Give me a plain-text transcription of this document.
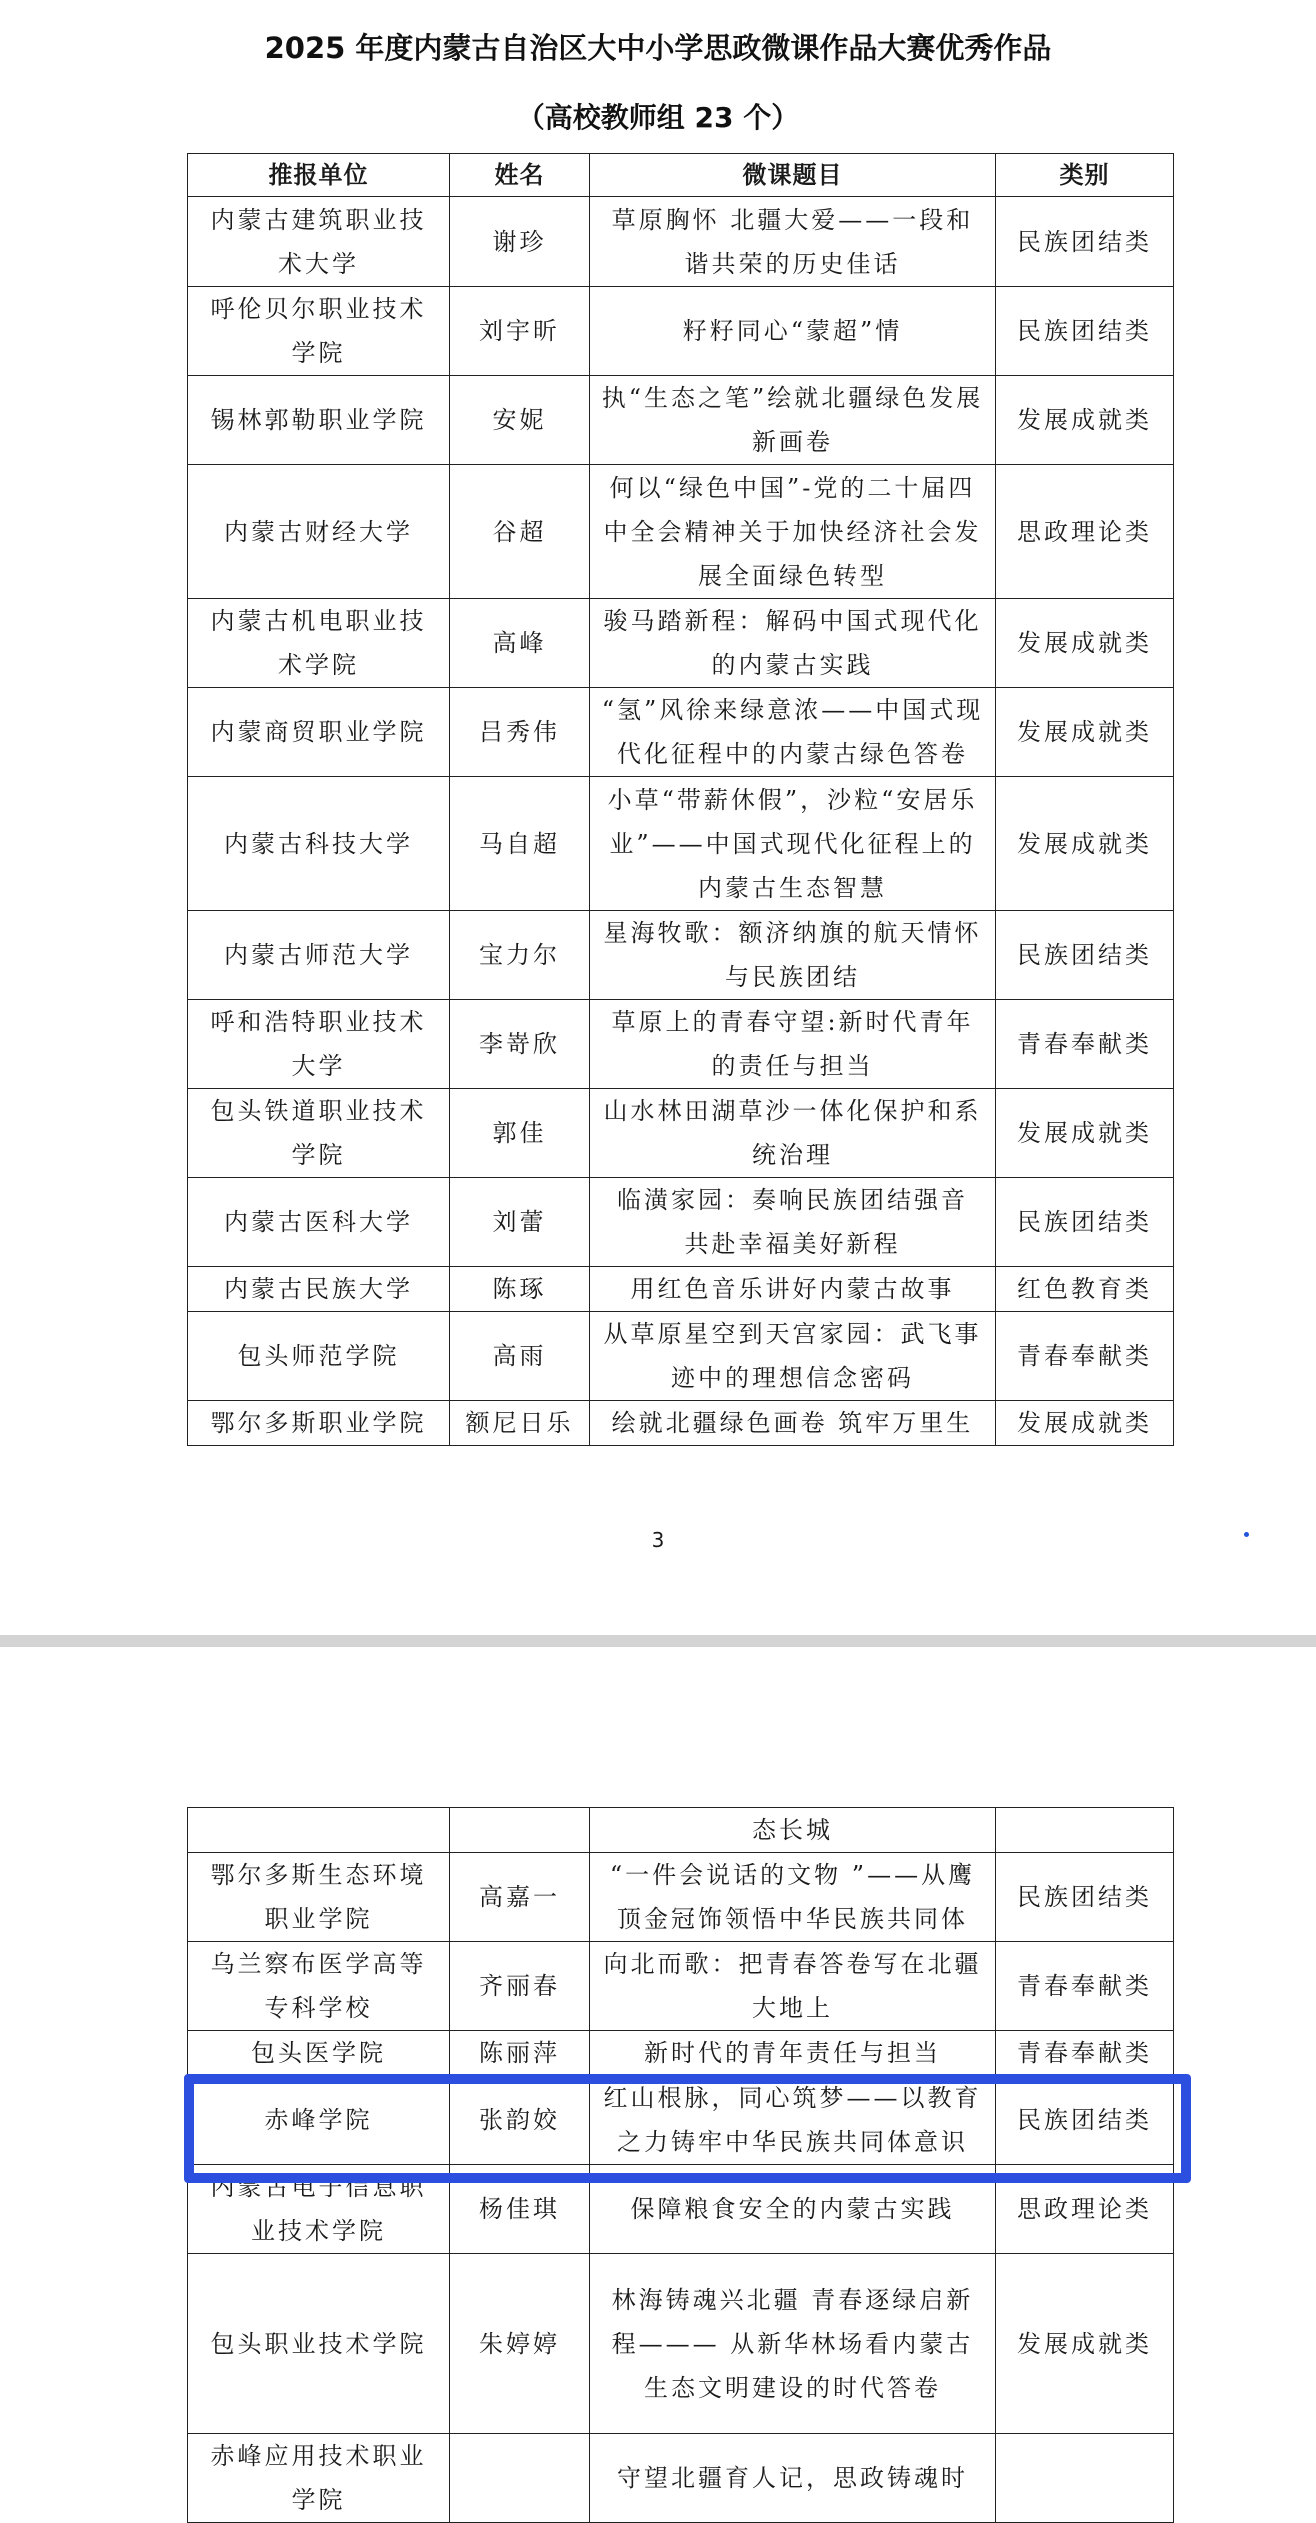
2025 年度内蒙古自治区大中小学思政微课作品大赛优秀作品
（高校教师组 23 个）
推报单位	姓名	微课题目	类别
内蒙古建筑职业技术大学	谢珍	草原胸怀 北疆大爱——一段和谐共荣的历史佳话	民族团结类
呼伦贝尔职业技术学院	刘宇昕	籽籽同心“蒙超”情	民族团结类
锡林郭勒职业学院	安妮	执“生态之笔”绘就北疆绿色发展新画卷	发展成就类
内蒙古财经大学	谷超	何以“绿色中国”-党的二十届四中全会精神关于加快经济社会发展全面绿色转型	思政理论类
内蒙古机电职业技术学院	高峰	骏马踏新程：解码中国式现代化的内蒙古实践	发展成就类
内蒙商贸职业学院	吕秀伟	“氢”风徐来绿意浓——中国式现代化征程中的内蒙古绿色答卷	发展成就类
内蒙古科技大学	马自超	小草“带薪休假”，沙粒“安居乐业”——中国式现代化征程上的内蒙古生态智慧	发展成就类
内蒙古师范大学	宝力尔	星海牧歌：额济纳旗的航天情怀与民族团结	民族团结类
呼和浩特职业技术大学	李嵜欣	草原上的青春守望:新时代青年的责任与担当	青春奉献类
包头铁道职业技术学院	郭佳	山水林田湖草沙一体化保护和系统治理	发展成就类
内蒙古医科大学	刘蕾	临潢家园：奏响民族团结强音 共赴幸福美好新程	民族团结类
内蒙古民族大学	陈琢	用红色音乐讲好内蒙古故事	红色教育类
包头师范学院	高雨	从草原星空到天宫家园：武飞事迹中的理想信念密码	青春奉献类
鄂尔多斯职业学院	额尼日乐	绘就北疆绿色画卷 筑牢万里生	发展成就类
3
		态长城	
鄂尔多斯生态环境职业学院	高嘉一	“一件会说话的文物 ”——从鹰顶金冠饰领悟中华民族共同体	民族团结类
乌兰察布医学高等专科学校	齐丽春	向北而歌：把青春答卷写在北疆大地上	青春奉献类
包头医学院	陈丽萍	新时代的青年责任与担当	青春奉献类
赤峰学院	张韵姣	红山根脉，同心筑梦——以教育之力铸牢中华民族共同体意识	民族团结类
内蒙古电子信息职业技术学院	杨佳琪	保障粮食安全的内蒙古实践	思政理论类
包头职业技术学院	朱婷婷	林海铸魂兴北疆 青春逐绿启新程——— 从新华林场看内蒙古生态文明建设的时代答卷	发展成就类
赤峰应用技术职业学院		守望北疆育人记，思政铸魂时	
